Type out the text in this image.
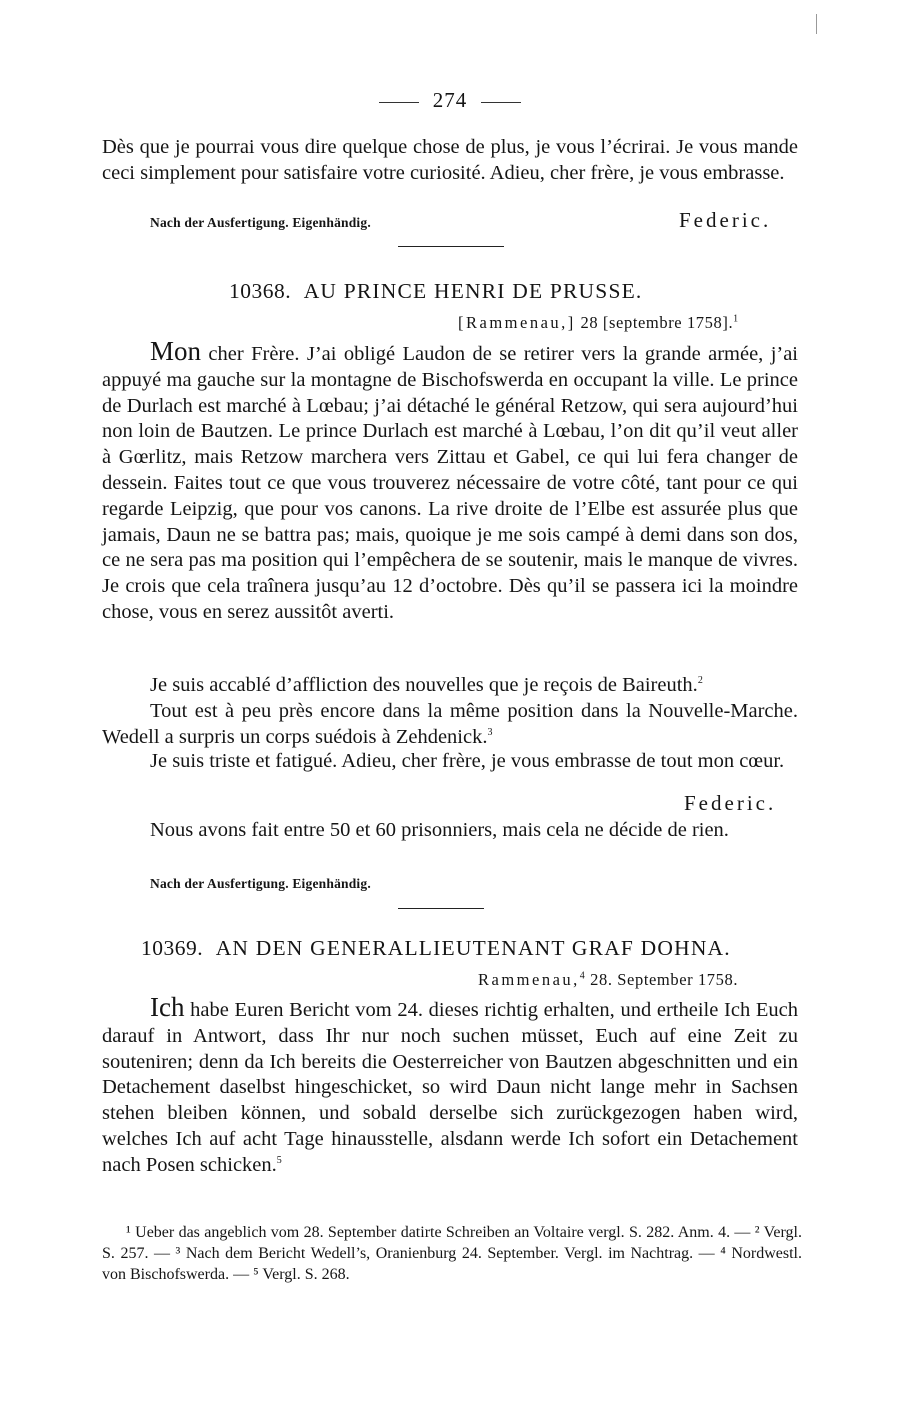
274

Dès que je pourrai vous dire quelque chose de plus, je vous l’écrirai. Je vous mande ceci simplement pour satisfaire votre curiosité. Adieu, cher frère, je vous embrasse.

Nach der Ausfertigung. Eigenhändig.	Federic.
10368. AU PRINCE HENRI DE PRUSSE.
[Rammenau,] 28 [septembre 1758].$^1$

Mon cher Frère. J’ai obligé Laudon de se retirer vers la grande armée, j’ai appuyé ma gauche sur la montagne de Bischofswerda en occupant la ville. Le prince de Durlach est marché à Lœbau; j’ai détaché le général Retzow, qui sera aujourd’hui non loin de Bautzen. Le prince Durlach est marché à Lœbau, l’on dit qu’il veut aller à Gœrlitz, mais Retzow marchera vers Zittau et Gabel, ce qui lui fera changer de dessein. Faites tout ce que vous trouverez nécessaire de votre côté, tant pour ce qui regarde Leipzig, que pour vos canons. La rive droite de l’Elbe est assurée plus que jamais, Daun ne se battra pas; mais, quoique je me sois campé à demi dans son dos, ce ne sera pas ma position qui l’empêchera de se soutenir, mais le manque de vivres. Je crois que cela traînera jusqu’au 12 d’octobre. Dès qu’il se passera ici la moindre chose, vous en serez aussitôt averti.

Je suis accablé d’affliction des nouvelles que je reçois de Baireuth.$^2$

Tout est à peu près encore dans la même position dans la Nouvelle-Marche. Wedell a surpris un corps suédois à Zehdenick.$^3$

Je suis triste et fatigué. Adieu, cher frère, je vous embrasse de tout mon cœur.

Federic.

Nous avons fait entre 50 et 60 prisonniers, mais cela ne décide de rien.

Nach der Ausfertigung. Eigenhändig.
10369. AN DEN GENERALLIEUTENANT GRAF DOHNA.
Rammenau,$^4$ 28. September 1758.

Ich habe Euren Bericht vom 24. dieses richtig erhalten, und ertheile Ich Euch darauf in Antwort, dass Ihr nur noch suchen müsset, Euch auf eine Zeit zu souteniren; denn da Ich bereits die Oesterreicher von Bautzen abgeschnitten und ein Detachement daselbst hingeschicket, so wird Daun nicht lange mehr in Sachsen stehen bleiben können, und sobald derselbe sich zurückgezogen haben wird, welches Ich auf acht Tage hinausstelle, alsdann werde Ich sofort ein Detachement nach Posen schicken.$^5$

¹ Ueber das angeblich vom 28. September datirte Schreiben an Voltaire vergl. S. 282. Anm. 4. — ² Vergl. S. 257. — ³ Nach dem Bericht Wedell’s, Oranienburg 24. September. Vergl. im Nachtrag. — ⁴ Nordwestl. von Bischofswerda. — ⁵ Vergl. S. 268.
